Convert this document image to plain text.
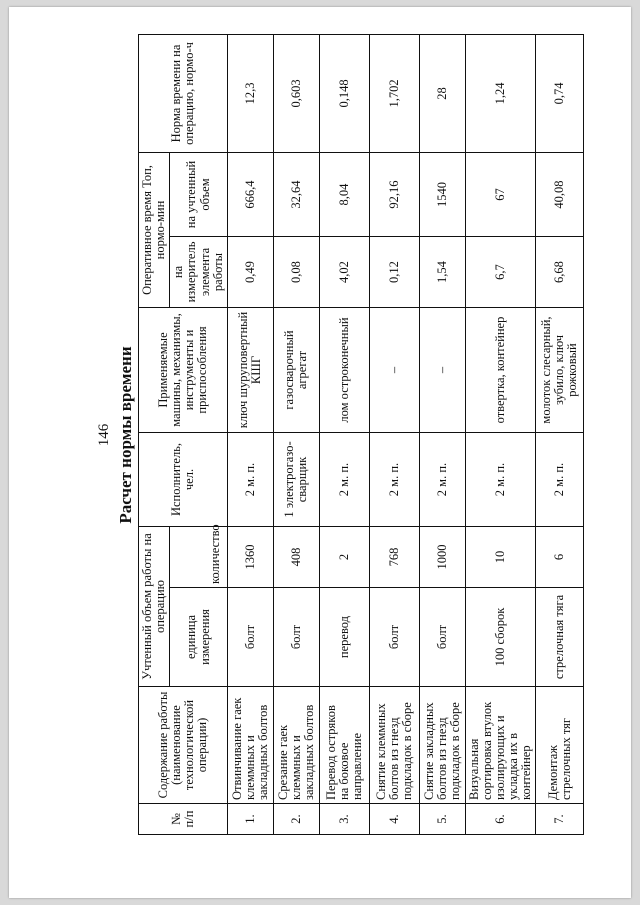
146 Расчет нормы времени
№ п/п	Содержание работы (наименование технологической операции)	Учтенный объем работы на операцию		Исполнитель, чел.	Применяемые машины, механизмы, инструменты и приспособления	Оперативное время Топ, нормо-мин		Норма времени на операцию, нормо-ч
		единица измерения				на измеритель элемента работы	на учтенный объем	
			количество					
1.	Отвинчивание гаек клеммных и закладных болтов	болт	1360	2 м. п.	ключ шуруповертный КШГ	0,49	666,4	12,3
2.	Срезание гаек клеммных и закладных болтов	болт	408	1 электрогазо-сварщик	газосварочный агрегат	0,08	32,64	0,603
3.	Перевод остряков на боковое направление	перевод	2	2 м. п.	лом остроконечный	4,02	8,04	0,148
4.	Снятие клеммных болтов из гнезд подкладок в сборе	болт	768	2 м. п.	–	0,12	92,16	1,702
5.	Снятие закладных болтов из гнезд подкладок в сборе	болт	1000	2 м. п.	–	1,54	1540	28
6.	Визуальная сортировка втулок изолирующих и укладка их в контейнер	100 сборок	10	2 м. п.	отвертка, контейнер	6,7	67	1,24
7.	Демонтаж стрелочных тяг	стрелочная тяга	6	2 м. п.	молоток слесарный, зубило, ключ рожковый	6,68	40,08	0,74
